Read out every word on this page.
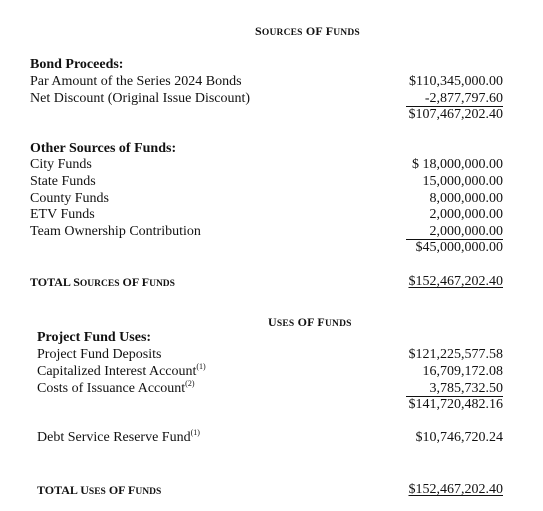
SOURCES OF FUNDS
Bond Proceeds:
Par Amount of the Series 2024 Bonds	$110,345,000.00
Net Discount (Original Issue Discount)	-2,877,797.60
$107,467,202.40
Other Sources of Funds:
City Funds	$ 18,000,000.00
State Funds	15,000,000.00
County Funds	8,000,000.00
ETV Funds	2,000,000.00
Team Ownership Contribution	2,000,000.00
$45,000,000.00
TOTAL SOURCES OF FUNDS	$152,467,202.40
USES OF FUNDS
Project Fund Uses:
Project Fund Deposits	$121,225,577.58
Capitalized Interest Account$^{(1)}$	16,709,172.08
Costs of Issuance Account$^{(2)}$	3,785,732.50
$141,720,482.16
Debt Service Reserve Fund$^{(1)}$	$10,746,720.24
TOTAL USES OF FUNDS	$152,467,202.40
